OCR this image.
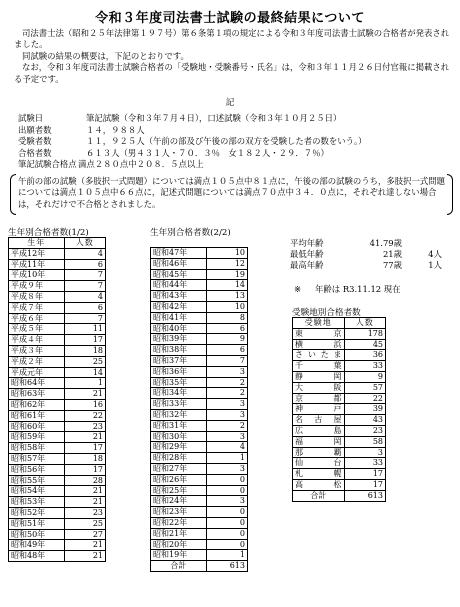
令和３年度司法書士試験の最終結果について

司法書士法（昭和２５年法律第１９７号）第６条第１項の規定による令和３年度司法書士試験の合格者が発表されました。

同試験の結果の概要は，下記のとおりです。

なお，令和３年度司法書士試験合格者の「受験地・受験番号・氏名」は，令和３年１１月２６日付官報に掲載される予定です。

記
試験日	筆記試験（令和３年７月４日），口述試験（令和３年１０月２５日）
出願者数	１４，９８８人
受験者数	１１，９２５人（午前の部及び午後の部の双方を受験した者の数をいう。）
合格者数	６１３人（男４３１人・７０．３％　女１８２人・２９．７％）
筆記試験合格点 満点２８０点中２０８．５点以上

午前の部の試験（多肢択一式問題）については満点１０５点中８１点に，午後の部の試験のうち，多肢択一式問題については満点１０５点中６６点に，記述式問題については満点７０点中３４．０点に，それぞれ達しない場合は，それだけで不合格とされました。

生年別合格者数(1/2)
生年	人数
平成12年	4
平成11年	6
平成10年	7
平成９年	7
平成８年	4
平成７年	6
平成６年	7
平成５年	11
平成４年	17
平成３年	18
平成２年	25
平成元年	14
昭和64年	1
昭和63年	21
昭和62年	16
昭和61年	22
昭和60年	23
昭和59年	21
昭和58年	17
昭和57年	18
昭和56年	17
昭和55年	28
昭和54年	21
昭和53年	21
昭和52年	23
昭和51年	25
昭和50年	27
昭和49年	21
昭和48年	21
生年別合格者数(2/2)
昭和47年	10
昭和46年	12
昭和45年	19
昭和44年	14
昭和43年	13
昭和42年	10
昭和41年	8
昭和40年	6
昭和39年	9
昭和38年	6
昭和37年	7
昭和36年	3
昭和35年	2
昭和34年	2
昭和33年	3
昭和32年	3
昭和31年	2
昭和30年	3
昭和29年	4
昭和28年	1
昭和27年	3
昭和26年	0
昭和25年	0
昭和24年	3
昭和23年	0
昭和22年	0
昭和21年	0
昭和20年	0
昭和19年	1
合計	613
平均年齢	41.79歳
最低年齢	21歳	4人
最高年齢	77歳	1人
※ 年齢は R3.11.12 現在
受験地別合格者数
受験地	人数
東京	178
横浜	45
さいたま	36
千葉	33
静岡	9
大阪	57
京都	22
神戸	39
名古屋	43
広島	23
福岡	58
那覇	3
仙台	33
札幌	17
高松	17
合計	613
